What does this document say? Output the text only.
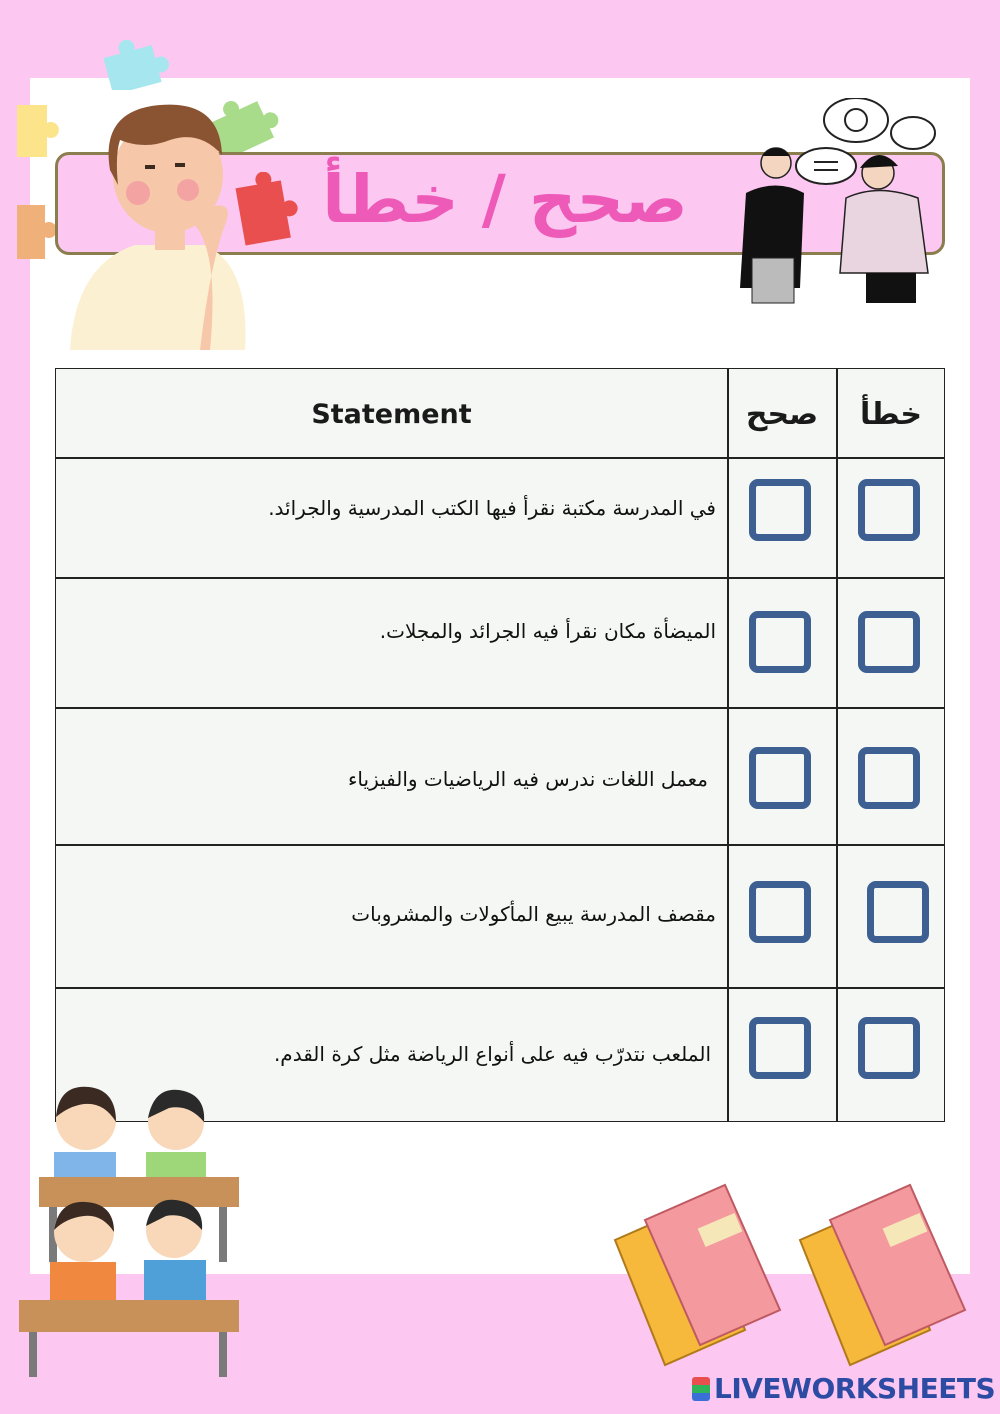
صحح / خطأ
Statement	صحح	خطأ
في المدرسة مكتبة نقرأ فيها الكتب المدرسية والجرائد.
الميضأة مكان نقرأ فيه الجرائد والمجلات.
معمل اللغات ندرس فيه الرياضيات والفيزياء
مقصف المدرسة يبيع المأكولات والمشروبات
الملعب نتدرّب فيه على أنواع الرياضة مثل كرة القدم.
LIVEWORKSHEETS
